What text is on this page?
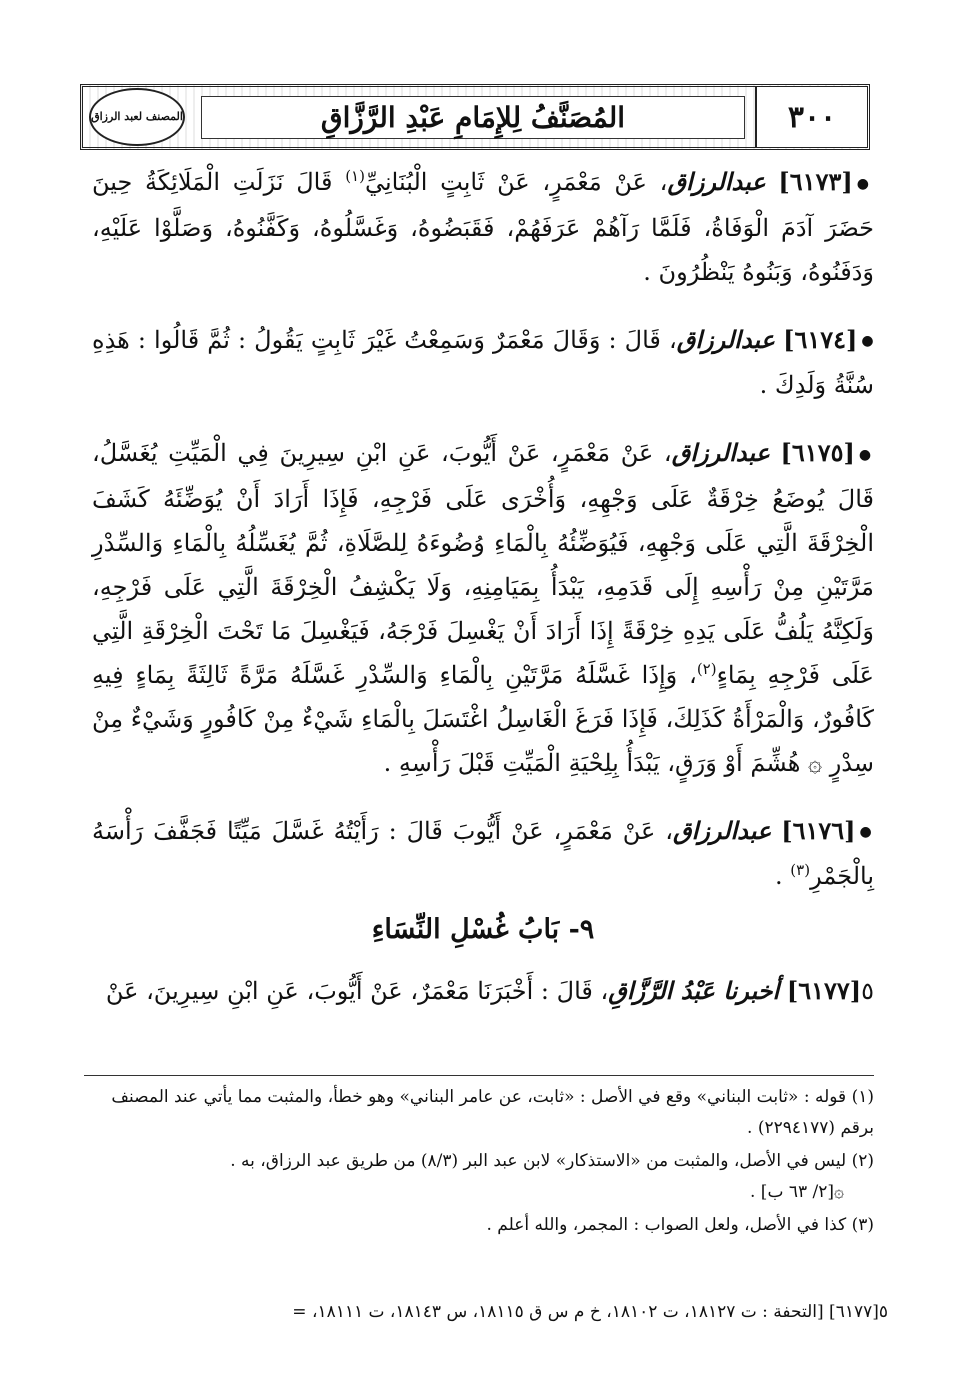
٣٠٠
المُصَنَّفُ لِلإِمَامِ عَبْدِ الرَّزَّاقِ
المصنف لعبد الرزاق

●[٦١٧٣] عبدالرزاق، عَنْ مَعْمَرٍ، عَنْ ثَابِتٍ الْبُنَانِيِّ$^{(١)}$ قَالَ نَزَلَتِ الْمَلَائِكَةُ حِينَ حَضَرَ آدَمَ الْوَفَاةُ، فَلَمَّا رَآهُمْ عَرَفَهُمْ، فَقَبَضُوهُ، وَغَسَّلُوهُ، وَكَفَّنُوهُ، وَصَلَّوْا عَلَيْهِ، وَدَفَنُوهُ، وَبَنُوهُ يَنْظُرُونَ .

●[٦١٧٤] عبدالرزاق، قَالَ : وَقَالَ مَعْمَرٌ وَسَمِعْتُ غَيْرَ ثَابِتٍ يَقُولُ : ثُمَّ قَالُوا : هَذِهِ سُنَّةُ وَلَدِكَ .

●[٦١٧٥] عبدالرزاق، عَنْ مَعْمَرٍ، عَنْ أَيُّوبَ، عَنِ ابْنِ سِيرِينَ فِي الْمَيِّتِ يُغَسَّلُ، قَالَ يُوضَعُ خِرْقَةٌ عَلَى وَجْهِهِ، وَأُخْرَى عَلَى فَرْجِهِ، فَإِذَا أَرَادَ أَنْ يُوَضِّئَهُ كَشَفَ الْخِرْقَةَ الَّتِي عَلَى وَجْهِهِ، فَيُوَضِّئُهُ بِالْمَاءِ وُضُوءَهُ لِلصَّلَاةِ، ثُمَّ يُغَسِّلُهُ بِالْمَاءِ وَالسِّدْرِ مَرَّتَيْنِ مِنْ رَأْسِهِ إِلَى قَدَمِهِ، يَبْدَأُ بِمَيَامِنِهِ، وَلَا يَكْشِفُ الْخِرْقَةَ الَّتِي عَلَى فَرْجِهِ، وَلَكِنَّهُ يَلُفُّ عَلَى يَدِهِ خِرْقَةً إِذَا أَرَادَ أَنْ يَغْسِلَ فَرْجَهُ، فَيَغْسِلَ مَا تَحْتَ الْخِرْقَةِ الَّتِي عَلَى فَرْجِهِ بِمَاءٍ$^{(٢)}$، وَإِذَا غَسَّلَهُ مَرَّتَيْنِ بِالْمَاءِ وَالسِّدْرِ غَسَّلَهُ مَرَّةً ثَالِثَةً بِمَاءٍ فِيهِ كَافُورٌ، وَالْمَرْأَةُ كَذَلِكَ، فَإِذَا فَرَغَ الْغَاسِلُ اغْتَسَلَ بِالْمَاءِ شَيْءٌ مِنْ كَافُورٍ وَشَيْءٌ مِنْ سِدْرٍ ۞ هُشِّمَ أَوْ وَرَقٍ، يَبْدَأُ بِلِحْيَةِ الْمَيِّتِ قَبْلَ رَأْسِهِ .

●[٦١٧٦] عبدالرزاق، عَنْ مَعْمَرٍ، عَنْ أَيُّوبَ قَالَ : رَأَيْتُهُ غَسَّلَ مَيِّتًا فَجَفَّفَ رَأْسَهُ بِالْجَمْرِ$^{(٣)}$ .

٩- بَابُ غُسْلِ النِّسَاءِ

٥[٦١٧٧] أخبرنا عَبْدُ الرَّزَّاقِ، قَالَ : أَخْبَرَنَا مَعْمَرٌ، عَنْ أَيُّوبَ، عَنِ ابْنِ سِيرِينَ، عَنْ

(١) قوله : «ثابت البناني» وقع في الأصل : «ثابت، عن عامر البناني» وهو خطأ، والمثبت مما يأتي عند المصنف برقم (٢٢٩٤١٧٧) .
(٢) ليس في الأصل، والمثبت من «الاستذكار» لابن عبد البر (٨/٣) من طريق عبد الرزاق، به .
۞[٢/ ٦٣ ب] .
(٣) كذا في الأصل، ولعل الصواب : المجمر، والله أعلم .
٥[٦١٧٧] [التحفة : ت ١٨١٢٧، ت ١٨١٠٢، خ م س ق ١٨١١٥، س ١٨١٤٣، ت ١٨١١١، =
